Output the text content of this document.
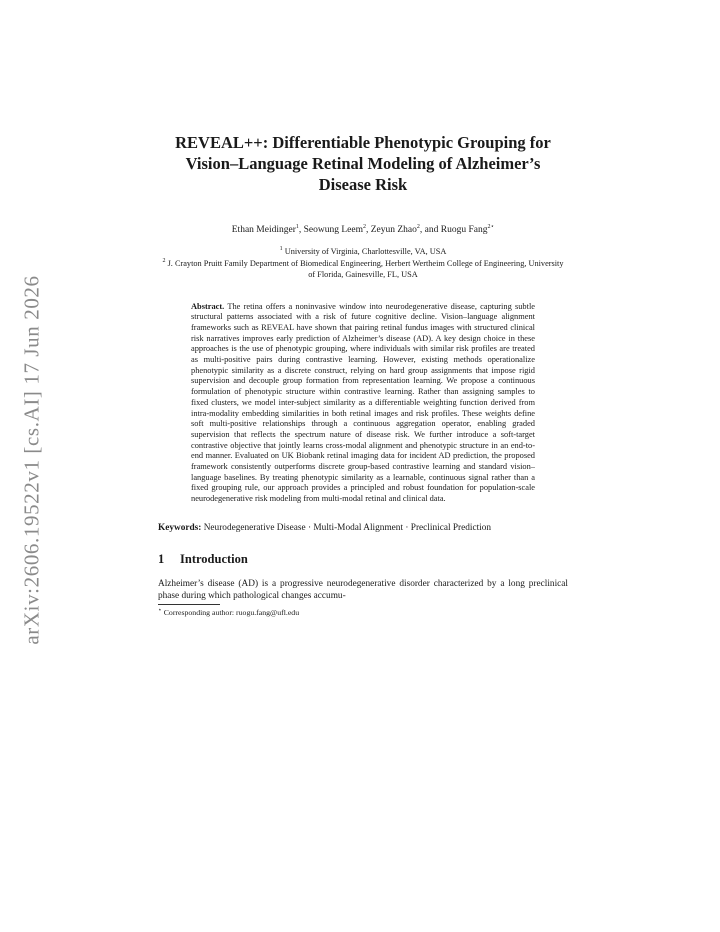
arXiv:2606.19522v1 [cs.AI] 17 Jun 2026
REVEAL++: Differentiable Phenotypic Grouping for Vision–Language Retinal Modeling of Alzheimer’s Disease Risk
Ethan Meidinger$^1$, Seowung Leem$^2$, Zeyun Zhao$^2$, and Ruogu Fang$^{2⋆}$
$^1$ University of Virginia, Charlottesville, VA, USA
$^2$ J. Crayton Pruitt Family Department of Biomedical Engineering, Herbert Wertheim College of Engineering, University of Florida, Gainesville, FL, USA
Abstract. The retina offers a noninvasive window into neurodegenerative disease, capturing subtle structural patterns associated with a risk of future cognitive decline. Vision–language alignment frameworks such as REVEAL have shown that pairing retinal fundus images with structured clinical risk narratives improves early prediction of Alzheimer’s disease (AD). A key design choice in these approaches is the use of phenotypic grouping, where individuals with similar risk profiles are treated as multi-positive pairs during contrastive learning. However, existing methods operationalize phenotypic similarity as a discrete construct, relying on hard group assignments that impose rigid supervision and decouple group formation from representation learning. We propose a continuous formulation of phenotypic structure within contrastive learning. Rather than assigning samples to fixed clusters, we model inter-subject similarity as a differentiable weighting function derived from intra-modality embedding similarities in both retinal images and risk profiles. These weights define soft multi-positive relationships through a continuous aggregation operator, enabling graded supervision that reflects the spectrum nature of disease risk. We further introduce a soft-target contrastive objective that jointly learns cross-modal alignment and phenotypic structure in an end-to-end manner. Evaluated on UK Biobank retinal imaging data for incident AD prediction, the proposed framework consistently outperforms discrete group-based contrastive learning and standard vision–language baselines. By treating phenotypic similarity as a learnable, continuous signal rather than a fixed grouping rule, our approach provides a principled and robust foundation for population-scale neurodegenerative risk modeling from multi-modal retinal and clinical data.
Keywords: Neurodegenerative Disease · Multi-Modal Alignment · Preclinical Prediction
1 Introduction
Alzheimer’s disease (AD) is a progressive neurodegenerative disorder characterized by a long preclinical phase during which pathological changes accumu-
⋆ Corresponding author: ruogu.fang@ufl.edu
